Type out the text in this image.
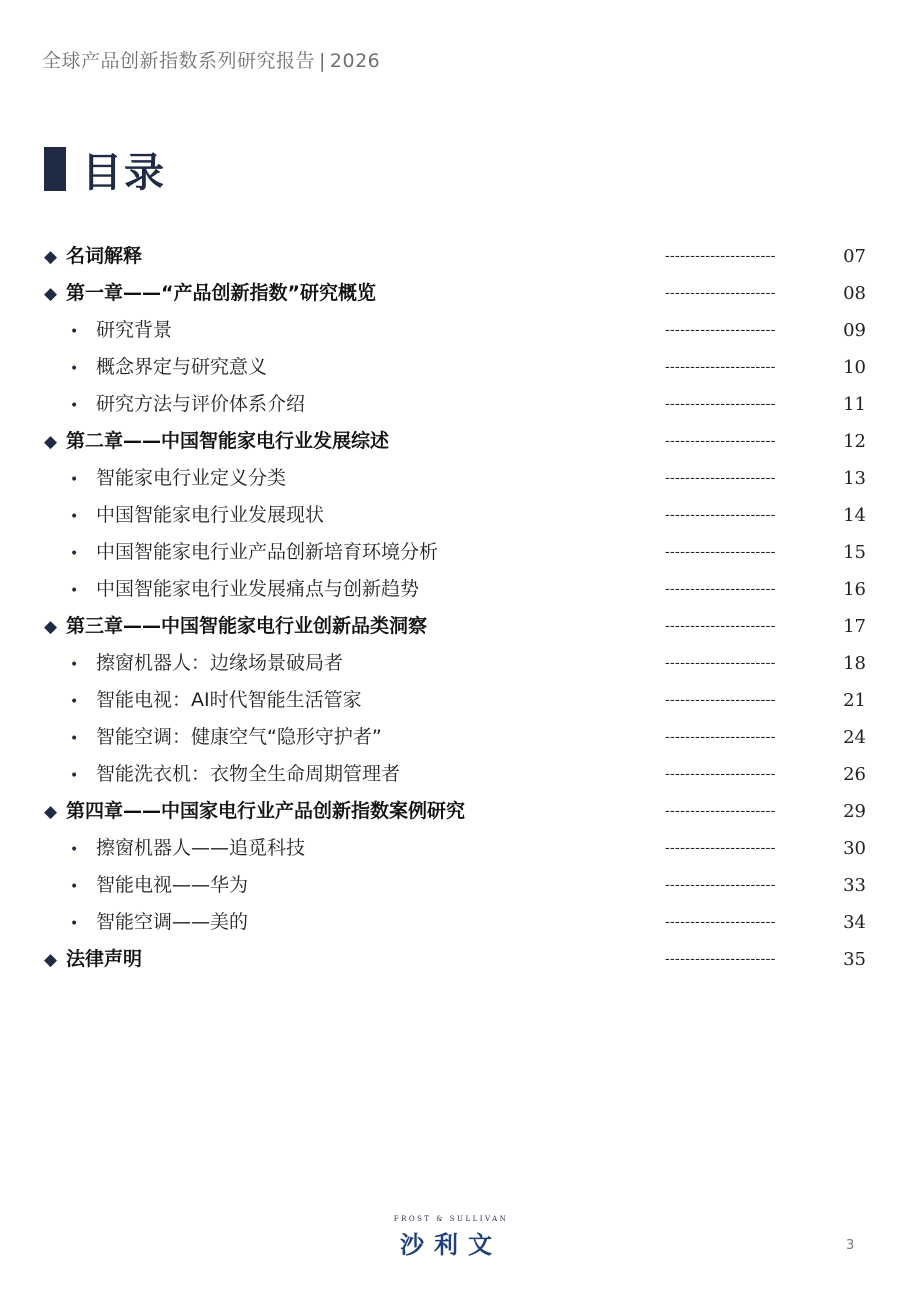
全球产品创新指数系列研究报告 | 2026
目录
◆ 名词解释	----------------------	07
◆ 第一章——“产品创新指数”研究概览	----------------------	08
• 研究背景	----------------------	09
• 概念界定与研究意义	----------------------	10
• 研究方法与评价体系介绍	----------------------	11
◆ 第二章——中国智能家电行业发展综述	----------------------	12
• 智能家电行业定义分类	----------------------	13
• 中国智能家电行业发展现状	----------------------	14
• 中国智能家电行业产品创新培育环境分析	----------------------	15
• 中国智能家电行业发展痛点与创新趋势	----------------------	16
◆ 第三章——中国智能家电行业创新品类洞察	----------------------	17
• 擦窗机器人：边缘场景破局者	----------------------	18
• 智能电视：AI时代智能生活管家	----------------------	21
• 智能空调：健康空气“隐形守护者”	----------------------	24
• 智能洗衣机：衣物全生命周期管理者	----------------------	26
◆ 第四章——中国家电行业产品创新指数案例研究	----------------------	29
• 擦窗机器人——追觅科技	----------------------	30
• 智能电视——华为	----------------------	33
• 智能空调——美的	----------------------	34
◆ 法律声明	----------------------	35
FROST & SULLIVAN
沙利文	3
